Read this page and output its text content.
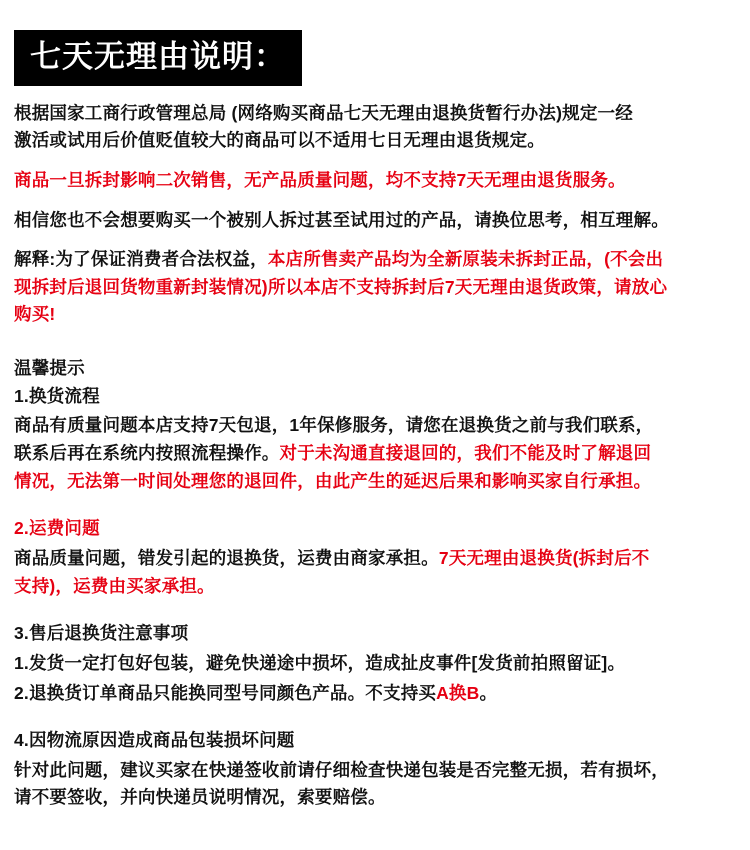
七天无理由说明：

根据国家工商行政管理总局 (网络购买商品七天无理由退换货暂行办法)规定一经
激活或试用后价值贬值较大的商品可以不适用七日无理由退货规定。

商品一旦拆封影响二次销售，无产品质量问题，均不支持7天无理由退货服务。

相信您也不会想要购买一个被别人拆过甚至试用过的产品，请换位思考，相互理解。

解释:为了保证消费者合法权益，本店所售卖产品均为全新原装未拆封正品，(不会出
现拆封后退回货物重新封装情况)所以本店不支持拆封后7天无理由退货政策，请放心
购买!

温馨提示

1.换货流程

商品有质量问题本店支持7天包退，1年保修服务，请您在退换货之前与我们联系，
联系后再在系统内按照流程操作。对于未沟通直接退回的，我们不能及时了解退回
情况，无法第一时间处理您的退回件，由此产生的延迟后果和影响买家自行承担。

2.运费问题

商品质量问题，错发引起的退换货，运费由商家承担。7天无理由退换货(拆封后不
支持)，运费由买家承担。

3.售后退换货注意事项

1.发货一定打包好包装，避免快递途中损坏，造成扯皮事件[发货前拍照留证]。

2.退换货订单商品只能换同型号同颜色产品。不支持买A换B。

4.因物流原因造成商品包装损坏问题

针对此问题，建议买家在快递签收前请仔细检查快递包装是否完整无损，若有损坏，
请不要签收，并向快递员说明情况，索要赔偿。
